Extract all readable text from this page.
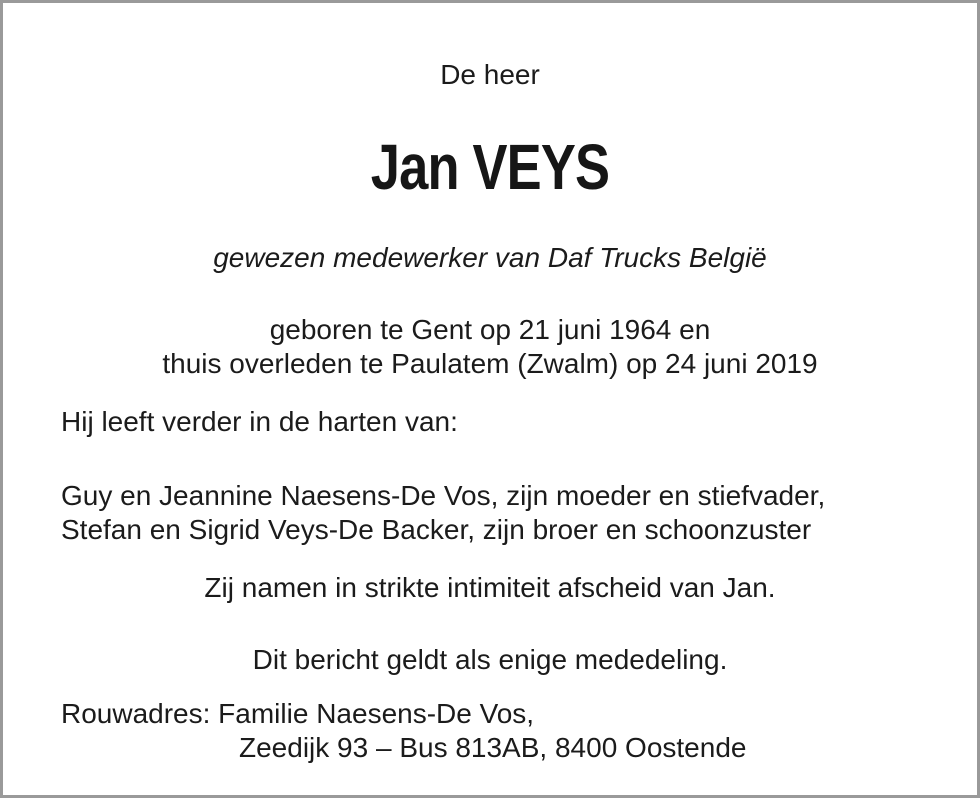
De heer

Jan VEYS

gewezen medewerker van Daf Trucks België

geboren te Gent op 21 juni 1964 en

thuis overleden te Paulatem (Zwalm) op 24 juni 2019

Hij leeft verder in de harten van:

Guy en Jeannine Naesens-De Vos, zijn moeder en stiefvader,

Stefan en Sigrid Veys-De Backer, zijn broer en schoonzuster

Zij namen in strikte intimiteit afscheid van Jan.

Dit bericht geldt als enige mededeling.

Rouwadres: Familie Naesens-De Vos,

Zeedijk 93 – Bus 813AB, 8400 Oostende
